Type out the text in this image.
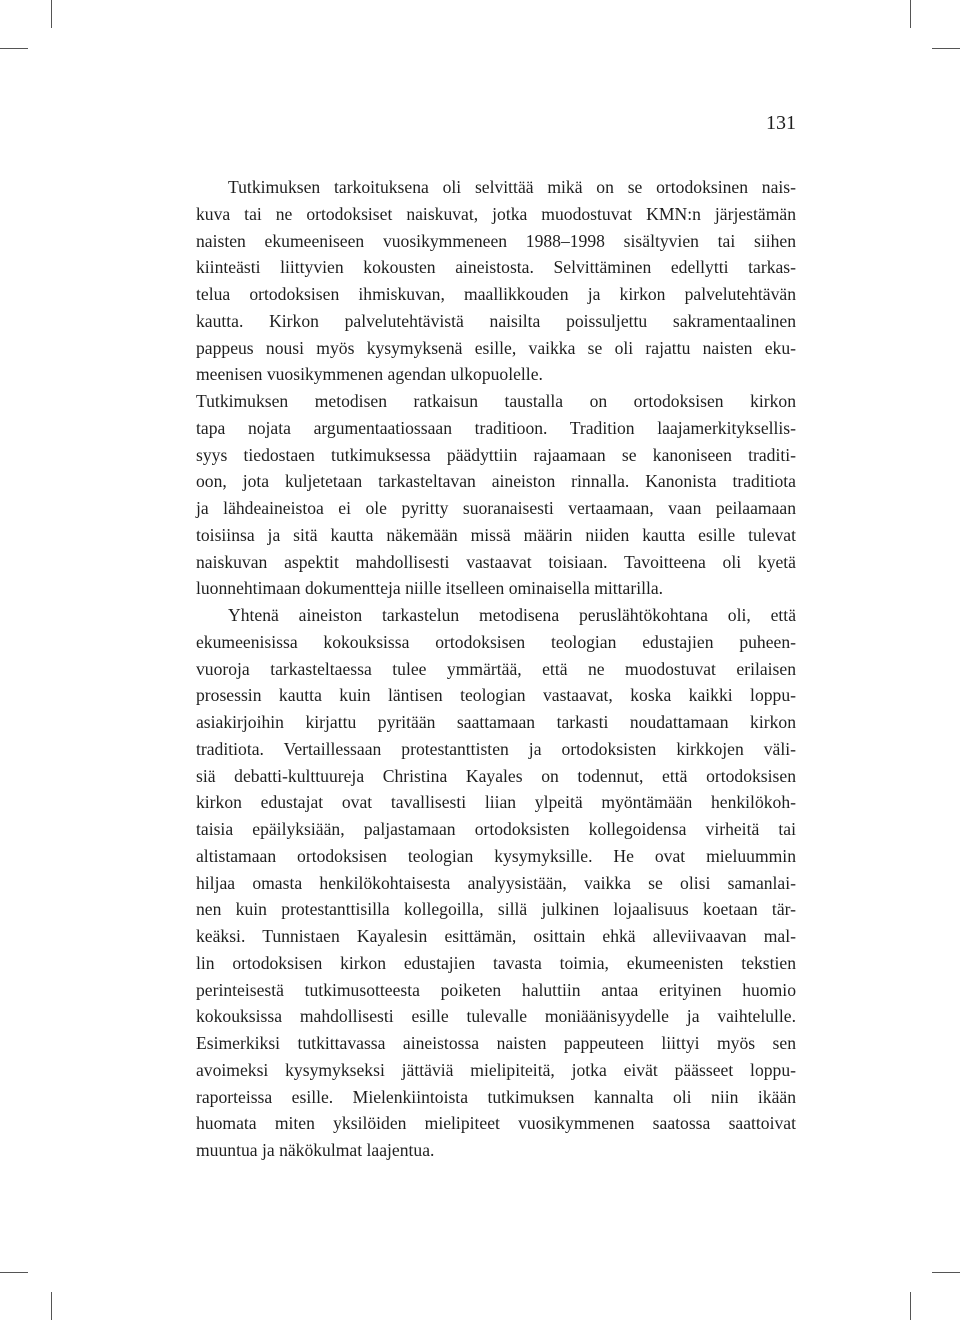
131

Tutkimuksen tarkoituksena oli selvittää mikä on se ortodoksinen nais-
kuva tai ne ortodoksiset naiskuvat, jotka muodostuvat KMN:n järjestämän
naisten ekumeeniseen vuosikymmeneen 1988–1998 sisältyvien tai siihen
kiinteästi liittyvien kokousten aineistosta. Selvittäminen edellytti tarkas-
telua ortodoksisen ihmiskuvan, maallikkouden ja kirkon palvelutehtävän
kautta. Kirkon palvelutehtävistä naisilta poissuljettu sakramentaalinen
pappeus nousi myös kysymyksenä esille, vaikka se oli rajattu naisten eku-
meenisen vuosikymmenen agendan ulkopuolelle.

Tutkimuksen metodisen ratkaisun taustalla on ortodoksisen kirkon
tapa nojata argumentaatiossaan traditioon. Tradition laajamerkityksellis-
syys tiedostaen tutkimuksessa päädyttiin rajaamaan se kanoniseen traditi-
oon, jota kuljetetaan tarkasteltavan aineiston rinnalla. Kanonista traditiota
ja lähdeaineistoa ei ole pyritty suoranaisesti vertaamaan, vaan peilaamaan
toisiinsa ja sitä kautta näkemään missä määrin niiden kautta esille tulevat
naiskuvan aspektit mahdollisesti vastaavat toisiaan. Tavoitteena oli kyetä
luonnehtimaan dokumentteja niille itselleen ominaisella mittarilla.

Yhtenä aineiston tarkastelun metodisena peruslähtökohtana oli, että
ekumeenisissa kokouksissa ortodoksisen teologian edustajien puheen-
vuoroja tarkasteltaessa tulee ymmärtää, että ne muodostuvat erilaisen
prosessin kautta kuin läntisen teologian vastaavat, koska kaikki loppu-
asiakirjoihin kirjattu pyritään saattamaan tarkasti noudattamaan kirkon
traditiota. Vertaillessaan protestanttisten ja ortodoksisten kirkkojen väli-
siä debatti-kulttuureja Christina Kayales on todennut, että ortodoksisen
kirkon edustajat ovat tavallisesti liian ylpeitä myöntämään henkilökoh-
taisia epäilyksiään, paljastamaan ortodoksisten kollegoidensa virheitä tai
altistamaan ortodoksisen teologian kysymyksille. He ovat mieluummin
hiljaa omasta henkilökohtaisesta analyysistään, vaikka se olisi samanlai-
nen kuin protestanttisilla kollegoilla, sillä julkinen lojaalisuus koetaan tär-
keäksi. Tunnistaen Kayalesin esittämän, osittain ehkä alleviivaavan mal-
lin ortodoksisen kirkon edustajien tavasta toimia, ekumeenisten tekstien
perinteisestä tutkimusotteesta poiketen haluttiin antaa erityinen huomio
kokouksissa mahdollisesti esille tulevalle moniäänisyydelle ja vaihtelulle.
Esimerkiksi tutkittavassa aineistossa naisten pappeuteen liittyi myös sen
avoimeksi kysymykseksi jättäviä mielipiteitä, jotka eivät päässeet loppu-
raporteissa esille. Mielenkiintoista tutkimuksen kannalta oli niin ikään
huomata miten yksilöiden mielipiteet vuosikymmenen saatossa saattoivat
muuntua ja näkökulmat laajentua.
